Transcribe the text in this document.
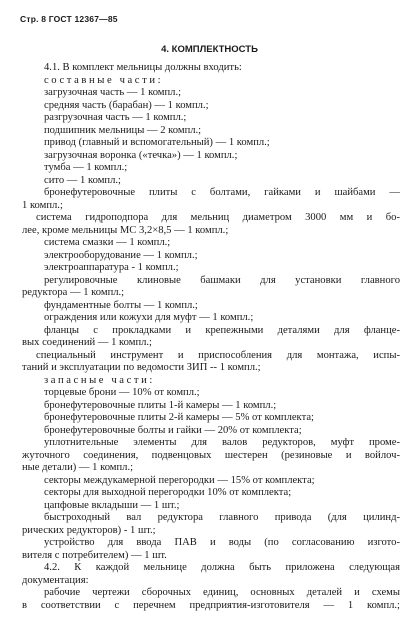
Стр. 8 ГОСТ 12367—85
4. КОМПЛЕКТНОСТЬ

4.1. В комплект мельницы должны входить:

составные части:

загрузочная часть — 1 компл.;

средняя часть (барабан) — 1 компл.;

разгрузочная часть — 1 компл.;

подшипник мельницы — 2 компл.;

привод (главный и вспомогательный) — 1 компл.;

загрузочная воронка («течка») — 1 компл.;

тумба — 1 компл.;

сито — 1 компл.;

бронефутеровочные плиты с болтами, гайками и шайбами —

1 компл.;

система гидроподпора для мельниц диаметром 3000 мм и бо-

лее, кроме мельницы МС 3,2×8,5 — 1 компл.;

система смазки — 1 компл.;

электрооборудование — 1 компл.;

электроаппаратура - 1 компл.;

регулировочные клиновые башмаки для установки главного

редуктора — 1 компл.;

фундаментные болты — 1 компл.;

ограждения или кожухи для муфт — 1 компл.;

фланцы с прокладками и крепежными деталями для фланце-

вых соединений — 1 компл.;

специальный инструмент и приспособления для монтажа, испы-

таний и эксплуатации по ведомости ЗИП -- 1 компл.;

запасные части:

торцевые брони — 10% от компл.;

бронефутеровочные плиты 1-й камеры — 1 компл.;

бронефутеровочные плиты 2-й камеры — 5% от комплекта;

бронефутеровочные болты и гайки — 20% от комплекта;

уплотнительные элементы для валов редукторов, муфт проме-

жуточного соединения, подвенцовых шестерен (резиновые и войлоч-

ные детали) — 1 компл.;

секторы междукамерной перегородки — 15% от комплекта;

секторы для выходной перегородки 10% от комплекта;

цапфовые вкладыши — 1 шт.;

быстроходный вал редуктора главного привода (для цилинд-

рических редукторов) - 1 шт.;

устройство для ввода ПАВ и воды (по согласованию изгото-

вителя с потребителем) — 1 шт.

4.2. К каждой мельнице должна быть приложена следующая

документация:

рабочие чертежи сборочных единиц, основных деталей и схемы

в соответствии с перечнем предприятия-изготовителя — 1 компл.;
